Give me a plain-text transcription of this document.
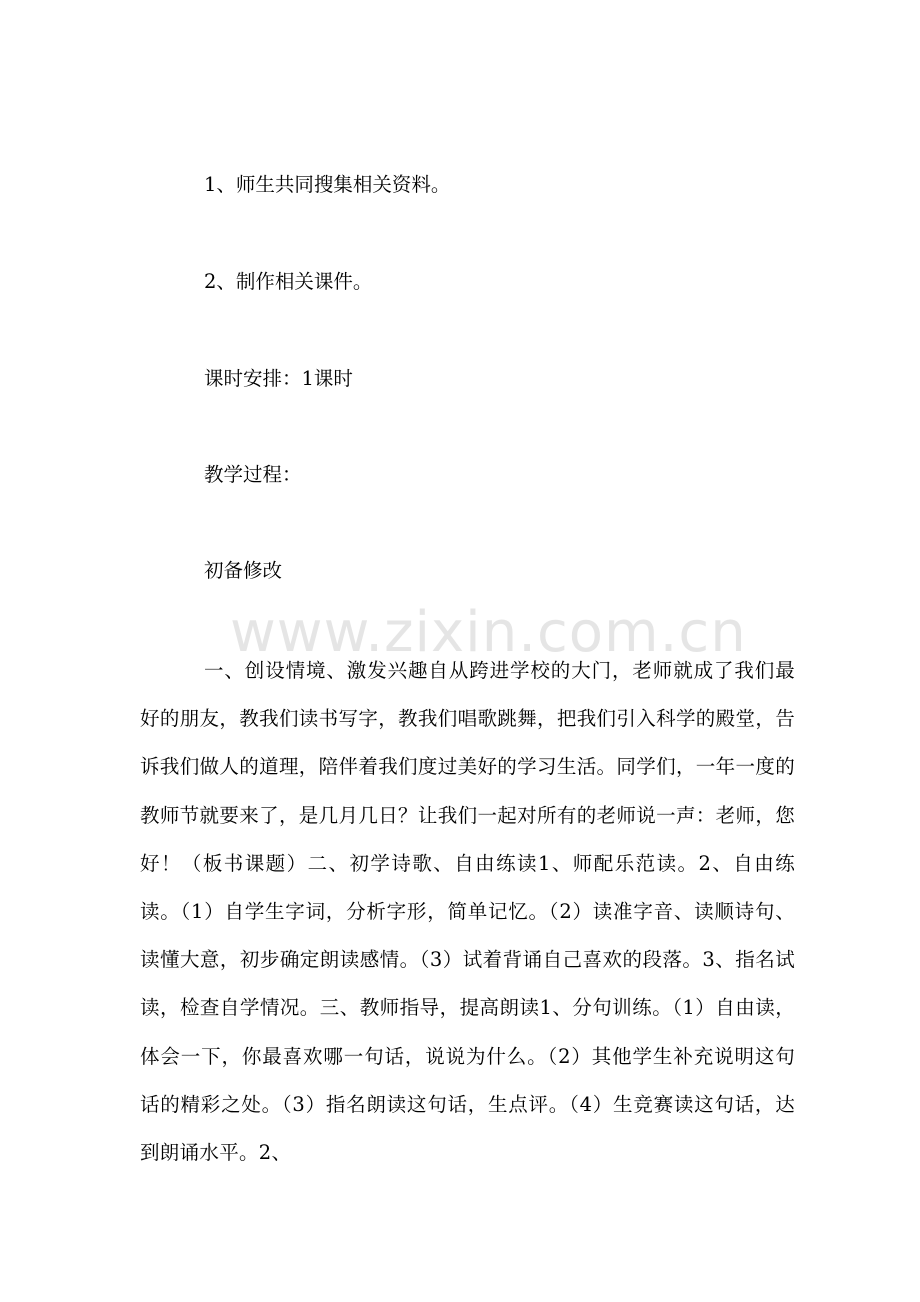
1、师生共同搜集相关资料。

2、制作相关课件。

课时安排：1课时

教学过程：

初备修改

www.zixin.com.cn

一、创设情境、激发兴趣自从跨进学校的大门，老师就成了我们最好的朋友，教我们读书写字，教我们唱歌跳舞，把我们引入科学的殿堂，告诉我们做人的道理，陪伴着我们度过美好的学习生活。同学们，一年一度的教师节就要来了，是几月几日？让我们一起对所有的老师说一声：老师，您好！（板书课题）二、初学诗歌、自由练读1、师配乐范读。2、自由练读。（1）自学生字词，分析字形，简单记忆。（2）读准字音、读顺诗句、读懂大意，初步确定朗读感情。（3）试着背诵自己喜欢的段落。3、指名试读，检查自学情况。三、教师指导，提高朗读1、分句训练。（1）自由读，体会一下，你最喜欢哪一句话，说说为什么。（2）其他学生补充说明这句话的精彩之处。（3）指名朗读这句话，生点评。（4）生竞赛读这句话，达到朗诵水平。2、
